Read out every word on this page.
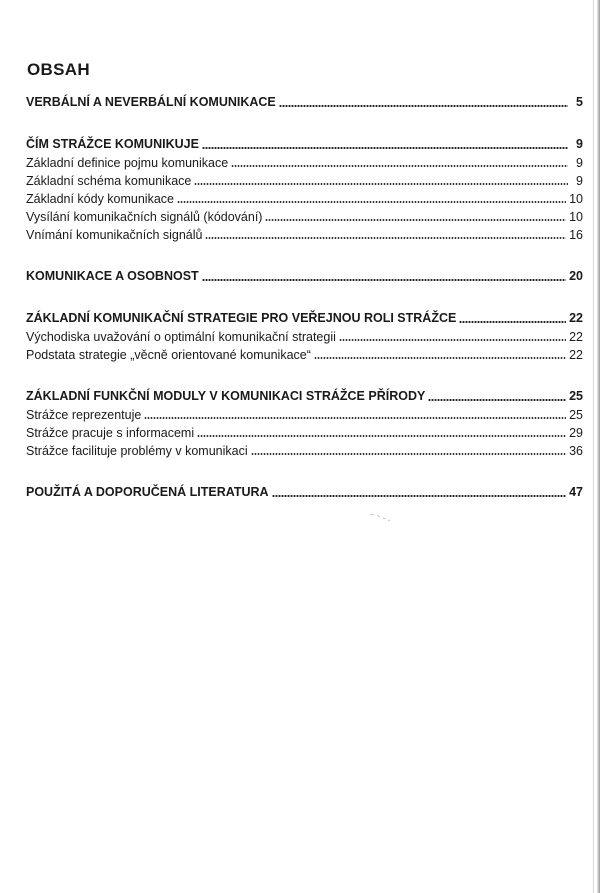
OBSAH
VERBÁLNÍ A NEVERBÁLNÍ KOMUNIKACE	5
ČÍM STRÁŽCE KOMUNIKUJE	9
Základní definice pojmu komunikace	9
Základní schéma komunikace	9
Základní kódy komunikace	10
Vysílání komunikačních signálů (kódování)	10
Vnímání komunikačních signálů	16
KOMUNIKACE A OSOBNOST	20
ZÁKLADNÍ KOMUNIKAČNÍ STRATEGIE PRO VEŘEJNOU ROLI STRÁŽCE	22
Východiska uvažování o optimální komunikační strategii	22
Podstata strategie „věcně orientované komunikace“	22
ZÁKLADNÍ FUNKČNÍ MODULY V KOMUNIKACI STRÁŽCE PŘÍRODY	25
Strážce reprezentuje	25
Strážce pracuje s informacemi	29
Strážce facilituje problémy v komunikaci	36
POUŽITÁ A DOPORUČENÁ LITERATURA	47
